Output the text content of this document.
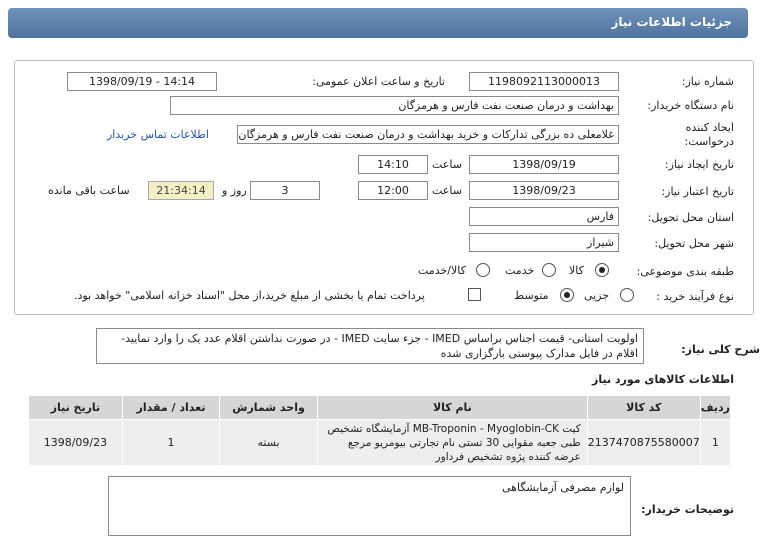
جزئیات اطلاعات نیاز
شماره نیاز:
1198092113000013
تاریخ و ساعت اعلان عمومی:
1398/09/19 - 14:14
نام دستگاه خریدار:
بهداشت و درمان صنعت نفت فارس و هرمزگان
ایجاد کننده
درخواست:
غلامعلی ده بزرگی تدارکات و خرید بهداشت و درمان صنعت نفت فارس و هرمزگان
اطلاعات تماس خریدار
تاریخ ایجاد نیاز:
1398/09/19
ساعت
14:10
تاریخ اعتبار نیاز:
1398/09/23
ساعت
12:00
3
روز و
21:34:14
ساعت باقی مانده
استان محل تحویل:
فارس
شهر محل تحویل:
شیراز
طبقه بندی موضوعی:
کالا
خدمت
کالا/خدمت
نوع فرآیند خرید :
جزیی
متوسط
پرداخت تمام یا بخشی از مبلغ خرید،از محل "اسناد خزانه اسلامی" خواهد بود.
شرح کلی نیاز:
اولویت استانی- قیمت اجناس براساس IMED - جزء سایت IMED - در صورت نداشتن اقلام عدد یک را وارد نمایید- اقلام در فایل مدارک پیوستی بارگزاری شده
اطلاعات کالاهای مورد نیاز
ردیف	کد کالا	نام کالا	واحد شمارش	تعداد / مقدار	تاریخ نیاز
1	2137470875580007	کیت MB-Troponin - Myoglobin-CK آزمایشگاه تشخیص طبی جعبه مقوایی 30 تستی نام تجارتی بیومریو مرجع عرضه کننده پژوه تشخیص فرداور	بسته	1	1398/09/23
توضیحات خریدار:
لوازم مصرفی آزمایشگاهی
